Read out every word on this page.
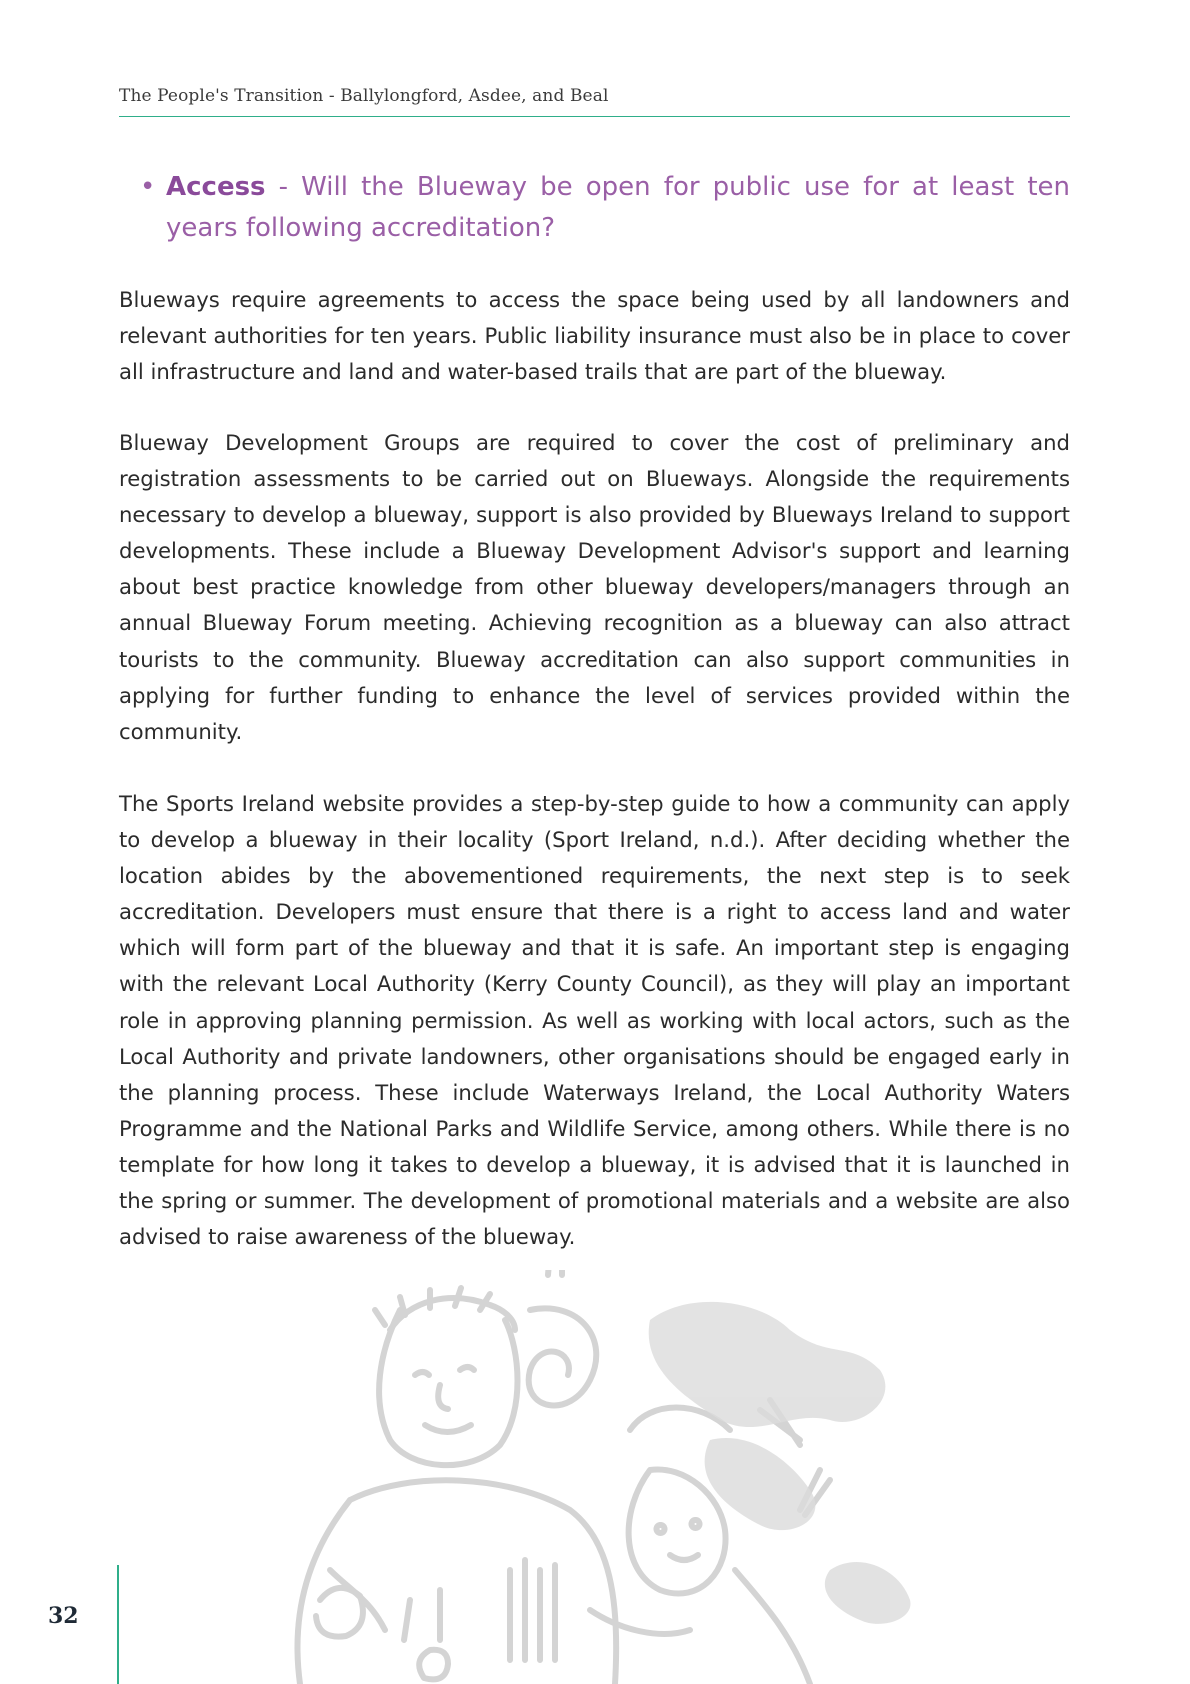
The People's Transition - Ballylongford, Asdee, and Beal
• Access - Will the Blueway be open for public use for at least ten years following accreditation?

Blueways require agreements to access the space being used by all landowners and relevant authorities for ten years. Public liability insurance must also be in place to cover all infrastructure and land and water-based trails that are part of the blueway.

Blueway Development Groups are required to cover the cost of preliminary and registration assessments to be carried out on Blueways. Alongside the requirements necessary to develop a blueway, support is also provided by Blueways Ireland to support developments. These include a Blueway Development Advisor's support and learning about best practice knowledge from other blueway developers/managers through an annual Blueway Forum meeting. Achieving recognition as a blueway can also attract tourists to the community. Blueway accreditation can also support communities in applying for further funding to enhance the level of services provided within the community.

The Sports Ireland website provides a step-by-step guide to how a community can apply to develop a blueway in their locality (Sport Ireland, n.d.). After deciding whether the location abides by the abovementioned requirements, the next step is to seek accreditation. Developers must ensure that there is a right to access land and water which will form part of the blueway and that it is safe. An important step is engaging with the relevant Local Authority (Kerry County Council), as they will play an important role in approving planning permission. As well as working with local actors, such as the Local Authority and private landowners, other organisations should be engaged early in the planning process. These include Waterways Ireland, the Local Authority Waters Programme and the National Parks and Wildlife Service, among others. While there is no template for how long it takes to develop a blueway, it is advised that it is launched in the spring or summer. The development of promotional materials and a website are also advised to raise awareness of the blueway.

32
